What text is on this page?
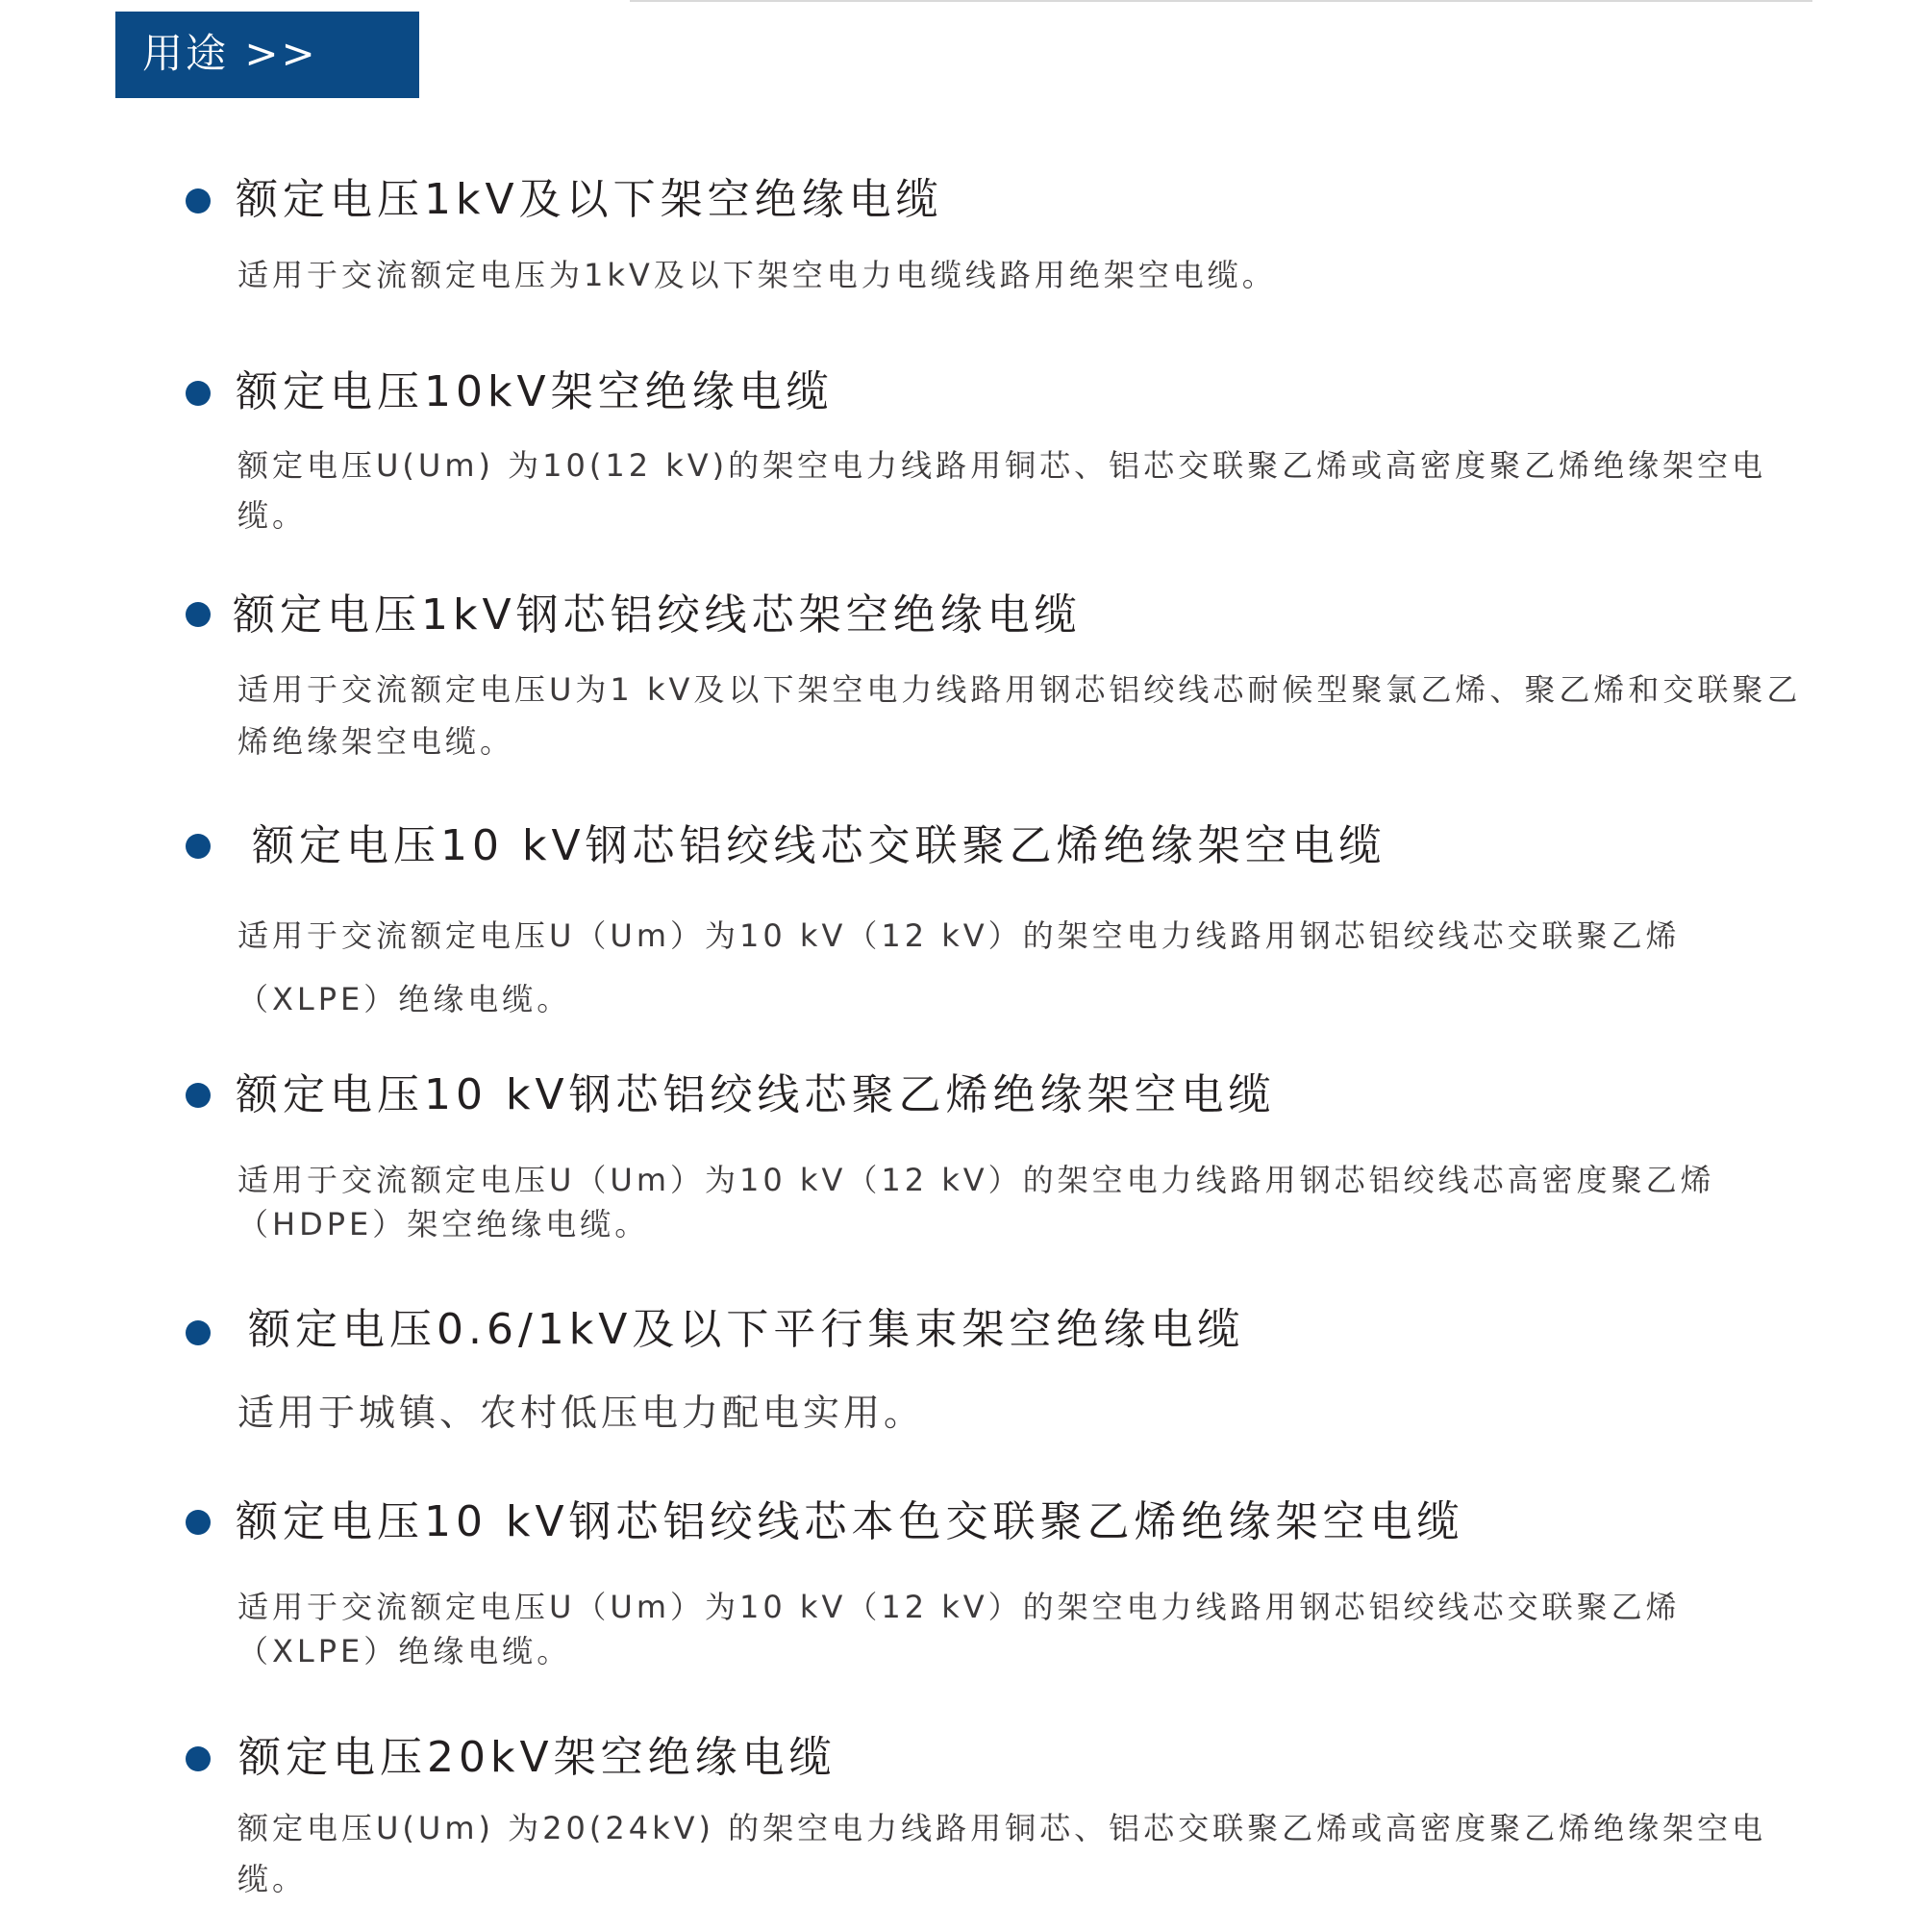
用途 >>
额定电压1kV及以下架空绝缘电缆
适用于交流额定电压为1kV及以下架空电力电缆线路用绝架空电缆。
额定电压10kV架空绝缘电缆
额定电压U(Um) 为10(12 kV)的架空电力线路用铜芯、铝芯交联聚乙烯或高密度聚乙烯绝缘架空电缆。
额定电压1kV钢芯铝绞线芯架空绝缘电缆
适用于交流额定电压U为1 kV及以下架空电力线路用钢芯铝绞线芯耐候型聚氯乙烯、聚乙烯和交联聚乙烯绝缘架空电缆。
额定电压10 kV钢芯铝绞线芯交联聚乙烯绝缘架空电缆
适用于交流额定电压U（Um）为10 kV（12 kV）的架空电力线路用钢芯铝绞线芯交联聚乙烯（XLPE）绝缘电缆。
额定电压10 kV钢芯铝绞线芯聚乙烯绝缘架空电缆
适用于交流额定电压U（Um）为10 kV（12 kV）的架空电力线路用钢芯铝绞线芯高密度聚乙烯（HDPE）架空绝缘电缆。
额定电压0.6/1kV及以下平行集束架空绝缘电缆
适用于城镇、农村低压电力配电实用。
额定电压10 kV钢芯铝绞线芯本色交联聚乙烯绝缘架空电缆
适用于交流额定电压U（Um）为10 kV（12 kV）的架空电力线路用钢芯铝绞线芯交联聚乙烯（XLPE）绝缘电缆。
额定电压20kV架空绝缘电缆
额定电压U(Um) 为20(24kV) 的架空电力线路用铜芯、铝芯交联聚乙烯或高密度聚乙烯绝缘架空电缆。
